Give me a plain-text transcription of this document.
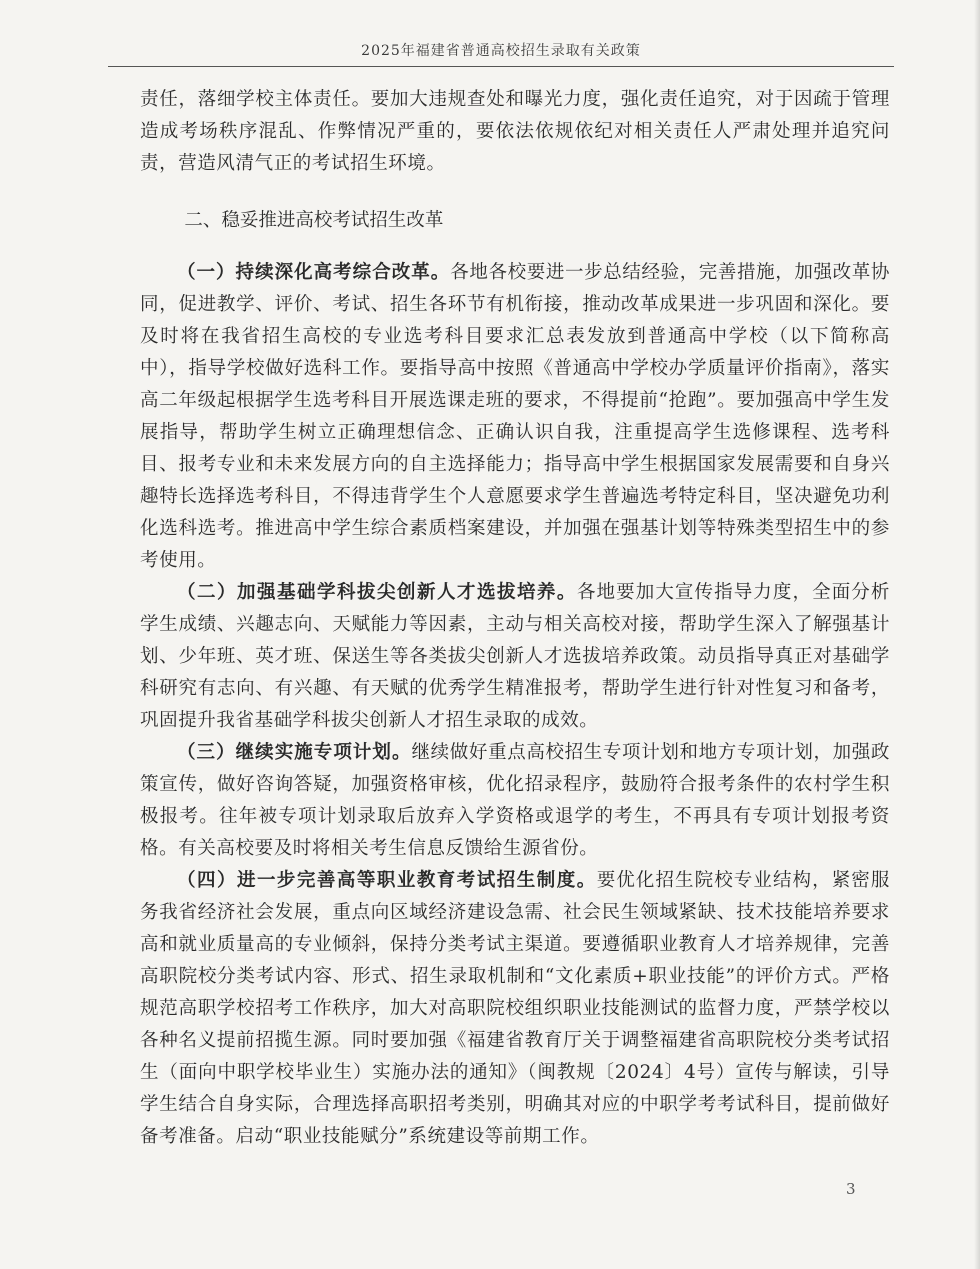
2025年福建省普通高校招生录取有关政策

责任，落细学校主体责任。要加大违规查处和曝光力度，强化责任追究，对于因疏于管理造成考场秩序混乱、作弊情况严重的，要依法依规依纪对相关责任人严肃处理并追究问责，营造风清气正的考试招生环境。

二、稳妥推进高校考试招生改革

（一）持续深化高考综合改革。各地各校要进一步总结经验，完善措施，加强改革协同，促进教学、评价、考试、招生各环节有机衔接，推动改革成果进一步巩固和深化。要及时将在我省招生高校的专业选考科目要求汇总表发放到普通高中学校（以下简称高中），指导学校做好选科工作。要指导高中按照《普通高中学校办学质量评价指南》，落实高二年级起根据学生选考科目开展选课走班的要求，不得提前“抢跑”。要加强高中学生发展指导，帮助学生树立正确理想信念、正确认识自我，注重提高学生选修课程、选考科目、报考专业和未来发展方向的自主选择能力；指导高中学生根据国家发展需要和自身兴趣特长选择选考科目，不得违背学生个人意愿要求学生普遍选考特定科目，坚决避免功利化选科选考。推进高中学生综合素质档案建设，并加强在强基计划等特殊类型招生中的参考使用。

（二）加强基础学科拔尖创新人才选拔培养。各地要加大宣传指导力度，全面分析学生成绩、兴趣志向、天赋能力等因素，主动与相关高校对接，帮助学生深入了解强基计划、少年班、英才班、保送生等各类拔尖创新人才选拔培养政策。动员指导真正对基础学科研究有志向、有兴趣、有天赋的优秀学生精准报考，帮助学生进行针对性复习和备考，巩固提升我省基础学科拔尖创新人才招生录取的成效。

（三）继续实施专项计划。继续做好重点高校招生专项计划和地方专项计划，加强政策宣传，做好咨询答疑，加强资格审核，优化招录程序，鼓励符合报考条件的农村学生积极报考。往年被专项计划录取后放弃入学资格或退学的考生，不再具有专项计划报考资格。有关高校要及时将相关考生信息反馈给生源省份。

（四）进一步完善高等职业教育考试招生制度。要优化招生院校专业结构，紧密服务我省经济社会发展，重点向区域经济建设急需、社会民生领域紧缺、技术技能培养要求高和就业质量高的专业倾斜，保持分类考试主渠道。要遵循职业教育人才培养规律，完善高职院校分类考试内容、形式、招生录取机制和“文化素质+职业技能”的评价方式。严格规范高职学校招考工作秩序，加大对高职院校组织职业技能测试的监督力度，严禁学校以各种名义提前招揽生源。同时要加强《福建省教育厅关于调整福建省高职院校分类考试招生（面向中职学校毕业生）实施办法的通知》（闽教规〔2024〕4号）宣传与解读，引导学生结合自身实际，合理选择高职招考类别，明确其对应的中职学考考试科目，提前做好备考准备。启动“职业技能赋分”系统建设等前期工作。

3
